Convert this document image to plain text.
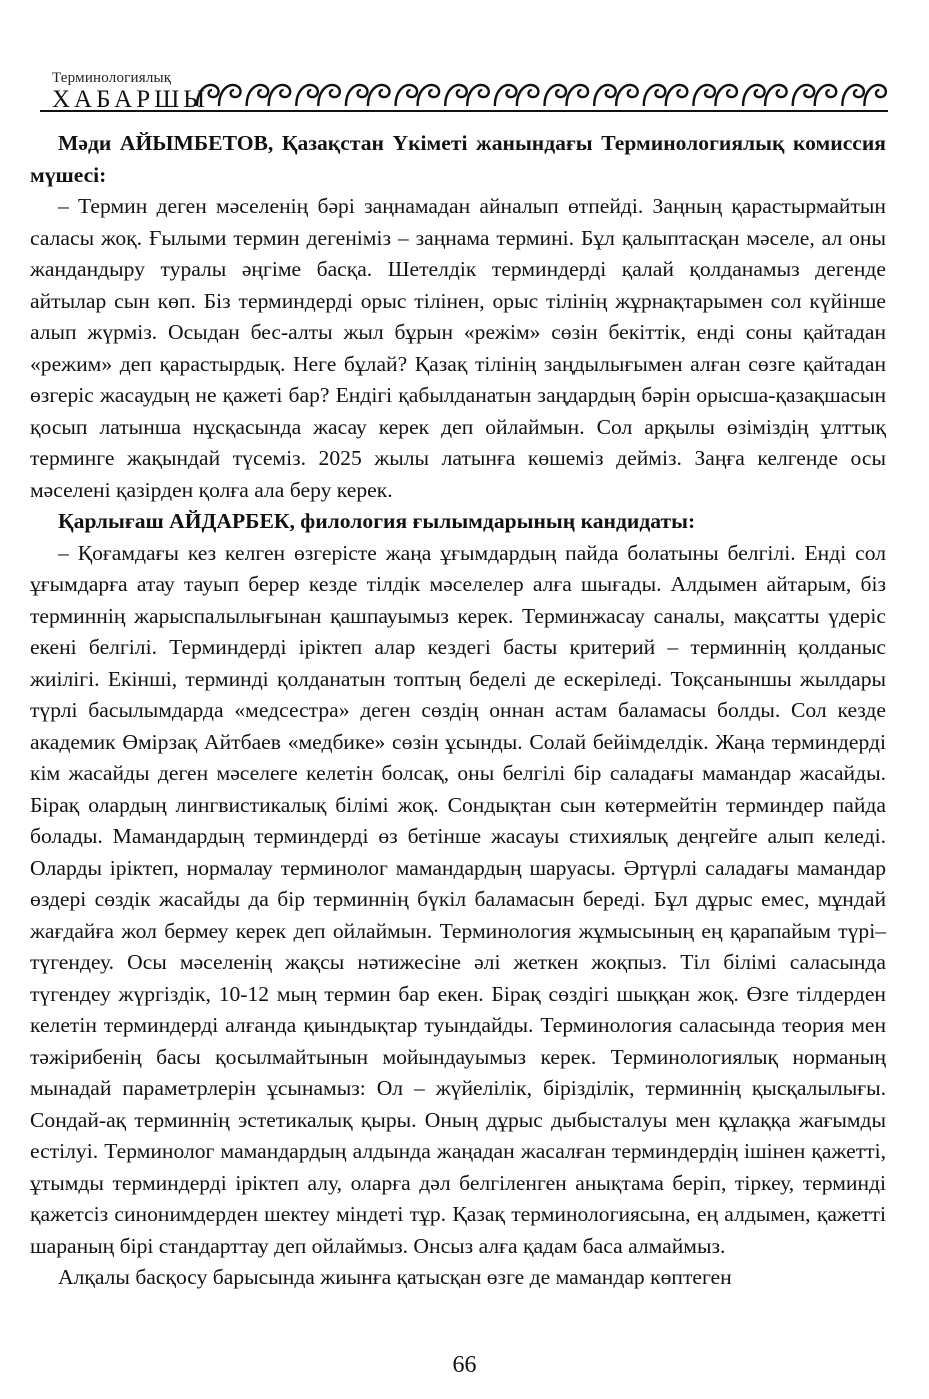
Терминологиялық
ХАБАРШЫ

Мәди АЙЫМБЕТОВ, Қазақстан Үкіметі жанындағы Терминологиялық комиссия мүшесі:

– Термин деген мәселенің бәрі заңнамадан айналып өтпейді. Заңның қарастырмайтын саласы жоқ. Ғылыми термин дегеніміз – заңнама термині. Бұл қалыптасқан мәселе, ал оны жандандыру туралы әңгіме басқа. Шетелдік терминдерді қалай қолданамыз дегенде айтылар сын көп. Біз терминдерді орыс тілінен, орыс тілінің жұрнақтарымен сол күйінше алып жүрміз. Осыдан бес-алты жыл бұрын «режім» сөзін бекіттік, енді соны қайтадан «режим» деп қарастырдық. Неге бұлай? Қазақ тілінің заңдылығымен алған сөзге қайтадан өзгеріс жасаудың не қажеті бар? Ендігі қабылданатын заңдардың бәрін орысша-қазақшасын қосып латынша нұсқасында жасау керек деп ойлаймын. Сол арқылы өзіміздің ұлттық терминге жақындай түсеміз. 2025 жылы латынға көшеміз дейміз. Заңға келгенде осы мәселені қазірден қолға ала беру керек.

Қарлығаш АЙДАРБЕК, филология ғылымдарының кандидаты:

– Қоғамдағы кез келген өзгерісте жаңа ұғымдардың пайда болатыны белгілі. Енді сол ұғымдарға атау тауып берер кезде тілдік мәселелер алға шығады. Алдымен айтарым, біз терминнің жарыспалылығынан қашпауымыз керек. Терминжасау саналы, мақсатты үдеріс екені белгілі. Терминдерді іріктеп алар кездегі басты критерий – терминнің қолданыс жиілігі. Екінші, терминді қолданатын топтың беделі де ескеріледі. Тоқсаныншы жылдары түрлі басылымдарда «медсестра» деген сөздің оннан астам баламасы болды. Сол кезде академик Өмірзақ Айтбаев «медбике» сөзін ұсынды. Солай бейімделдік. Жаңа терминдерді кім жасайды деген мәселеге келетін болсақ, оны белгілі бір саладағы мамандар жасайды. Бірақ олардың лингвистикалық білімі жоқ. Сондықтан сын көтермейтін терминдер пайда болады. Мамандардың терминдерді өз бетінше жасауы стихиялық деңгейге алып келеді. Оларды іріктеп, нормалау терминолог мамандардың шаруасы. Әртүрлі саладағы мамандар өздері сөздік жасайды да бір терминнің бүкіл баламасын береді. Бұл дұрыс емес, мұндай жағдайға жол бермеу керек деп ойлаймын. Терминология жұмысының ең қарапайым түрі– түгендеу. Осы мәселенің жақсы нәтижесіне әлі жеткен жоқпыз. Тіл білімі саласында түгендеу жүргіздік, 10-12 мың термин бар екен. Бірақ сөздігі шыққан жоқ. Өзге тілдерден келетін терминдерді алғанда қиындықтар туындайды. Терминология саласында теория мен тәжірибенің басы қосылмайтынын мойындауымыз керек. Терминологиялық норманың мынадай параметрлерін ұсынамыз: Ол – жүйелілік, біріздiлік, терминнің қысқалылығы. Сондай-ақ терминнің эстетикалық қыры. Оның дұрыс дыбысталуы мен құлаққа жағымды естілуі. Терминолог мамандардың алдында жаңадан жасалған терминдердің ішінен қажетті, ұтымды терминдерді іріктеп алу, оларға дәл белгіленген анықтама беріп, тіркеу, терминді қажетсіз синонимдерден шектеу міндеті тұр. Қазақ терминологиясына, ең алдымен, қажетті шараның бірі стандарттау деп ойлаймыз. Онсыз алға қадам баса алмаймыз.

Алқалы басқосу барысында жиынға қатысқан өзге де мамандар көптеген

66
